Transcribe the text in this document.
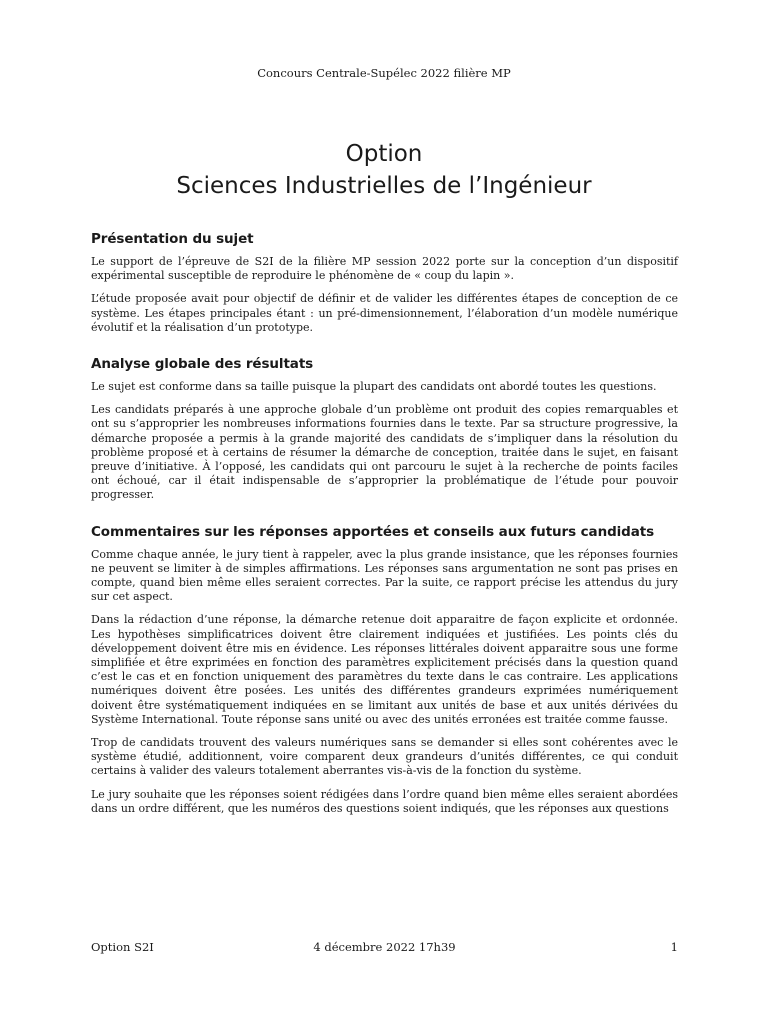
Concours Centrale-Supélec 2022 filière MP
Option
Sciences Industrielles de l’Ingénieur
Présentation du sujet

Le support de l’épreuve de S2I de la filière MP session 2022 porte sur la conception d’un dispositif expérimental susceptible de reproduire le phénomène de « coup du lapin ».

L’étude proposée avait pour objectif de définir et de valider les différentes étapes de conception de ce système. Les étapes principales étant : un pré-dimensionnement, l’élaboration d’un modèle numérique évolutif et la réalisation d’un prototype.

Analyse globale des résultats

Le sujet est conforme dans sa taille puisque la plupart des candidats ont abordé toutes les questions.

Les candidats préparés à une approche globale d’un problème ont produit des copies remarquables et ont su s’approprier les nombreuses informations fournies dans le texte. Par sa structure progressive, la démarche proposée a permis à la grande majorité des candidats de s’impliquer dans la résolution du problème proposé et à certains de résumer la démarche de conception, traitée dans le sujet, en faisant preuve d’initiative. À l’opposé, les candidats qui ont parcouru le sujet à la recherche de points faciles ont échoué, car il était indispensable de s’approprier la problématique de l’étude pour pouvoir progresser.

Commentaires sur les réponses apportées et conseils aux futurs candidats

Comme chaque année, le jury tient à rappeler, avec la plus grande insistance, que les réponses fournies ne peuvent se limiter à de simples affirmations. Les réponses sans argumentation ne sont pas prises en compte, quand bien même elles seraient correctes. Par la suite, ce rapport précise les attendus du jury sur cet aspect.

Dans la rédaction d’une réponse, la démarche retenue doit apparaitre de façon explicite et ordonnée. Les hypothèses simplificatrices doivent être clairement indiquées et justifiées. Les points clés du développement doivent être mis en évidence. Les réponses littérales doivent apparaitre sous une forme simplifiée et être exprimées en fonction des paramètres explicitement précisés dans la question quand c’est le cas et en fonction uniquement des paramètres du texte dans le cas contraire. Les applications numériques doivent être posées. Les unités des différentes grandeurs exprimées numériquement doivent être systématiquement indiquées en se limitant aux unités de base et aux unités dérivées du Système International. Toute réponse sans unité ou avec des unités erronées est traitée comme fausse.

Trop de candidats trouvent des valeurs numériques sans se demander si elles sont cohérentes avec le système étudié, additionnent, voire comparent deux grandeurs d’unités différentes, ce qui conduit certains à valider des valeurs totalement aberrantes vis-à-vis de la fonction du système.

Le jury souhaite que les réponses soient rédigées dans l’ordre quand bien même elles seraient abordées dans un ordre différent, que les numéros des questions soient indiqués, que les réponses aux questions

Option S2I	4 décembre 2022 17h39	1
